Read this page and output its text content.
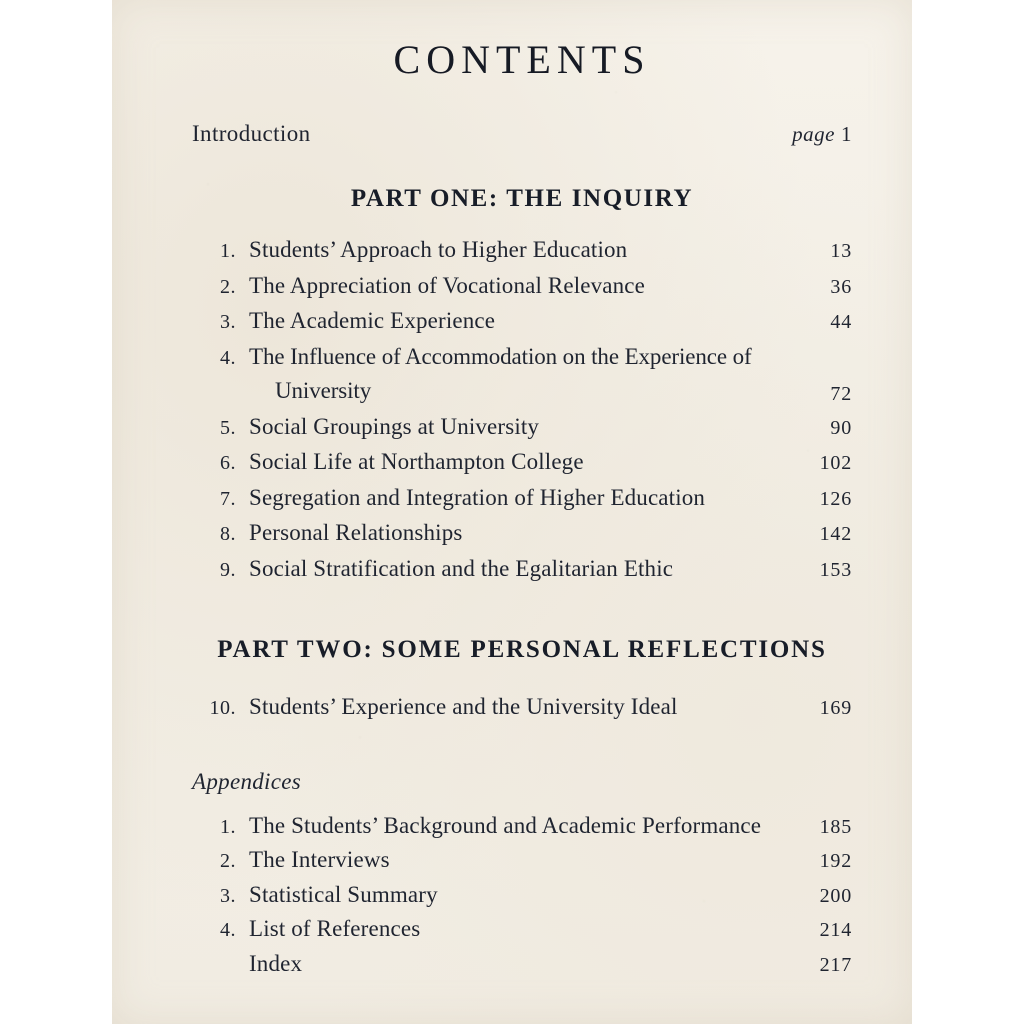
CONTENTS
Introduction	page 1
PART ONE: THE INQUIRY
1. Students’ Approach to Higher Education	13
2. The Appreciation of Vocational Relevance	36
3. The Academic Experience	44
4. The Influence of Accommodation on the Experience of
University	72
5. Social Groupings at University	90
6. Social Life at Northampton College	102
7. Segregation and Integration of Higher Education	126
8. Personal Relationships	142
9. Social Stratification and the Egalitarian Ethic	153
PART TWO: SOME PERSONAL REFLECTIONS
10. Students’ Experience and the University Ideal	169
Appendices
1. The Students’ Background and Academic Performance	185
2. The Interviews	192
3. Statistical Summary	200
4. List of References	214
Index	217
